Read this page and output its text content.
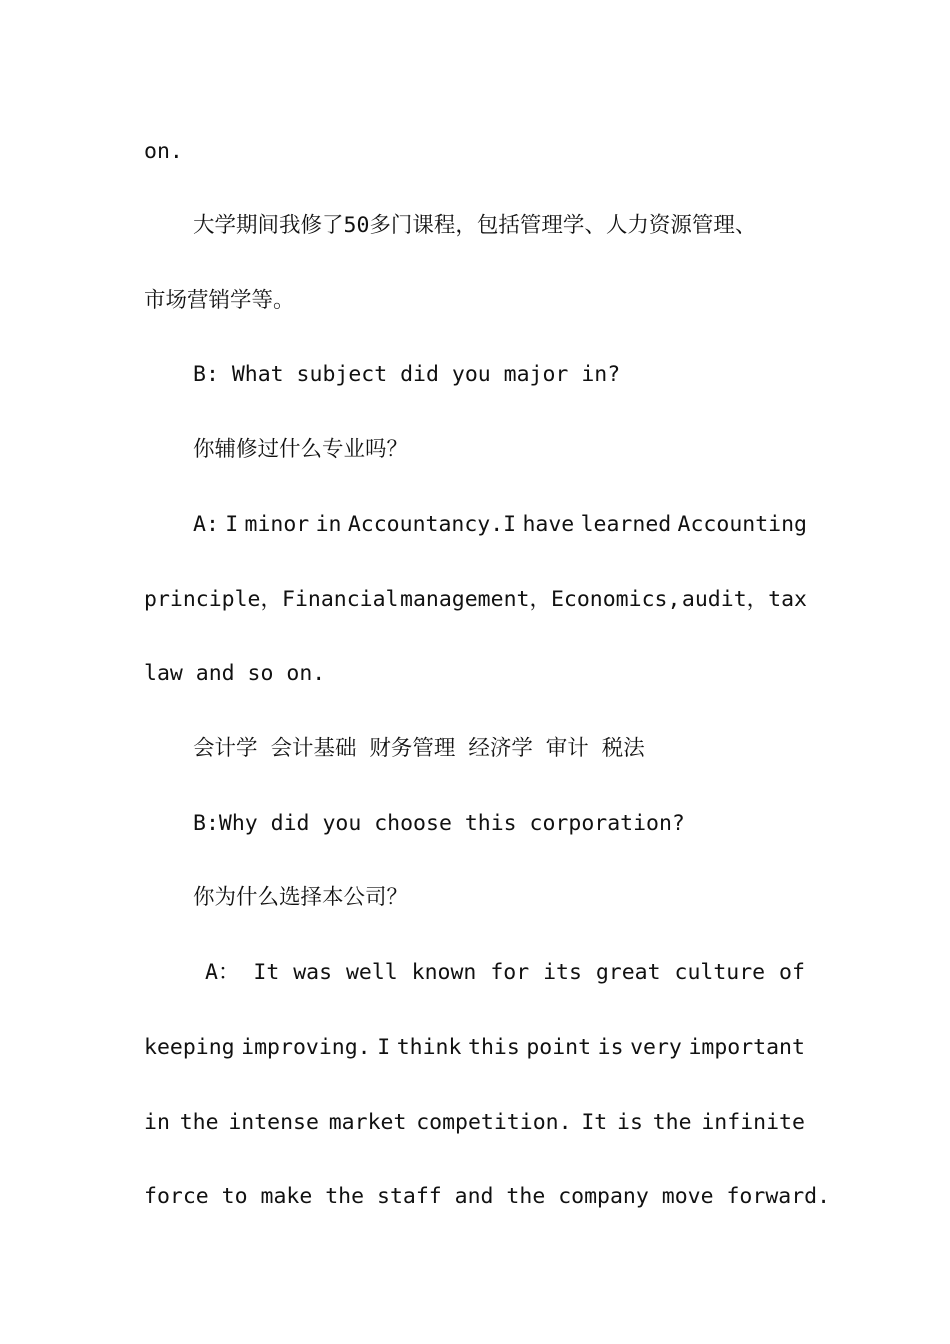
on.
大学期间我修了50多门课程，包括管理学、人力资源管理、
市场营销学等。
B: What subject did you major in?
你辅修过什么专业吗？
A: I minor in Accountancy.I have learned Accounting
principle，Financial management，Economics, audit，tax
law and so on.
会计学 会计基础 财务管理 经济学 审计 税法
B:Why did you choose this corporation?
你为什么选择本公司？
A： It was well known for its great culture of
keeping improving. I think this point is very important
in the intense market competition. It is the infinite
force to make the staff and the company move forward.
